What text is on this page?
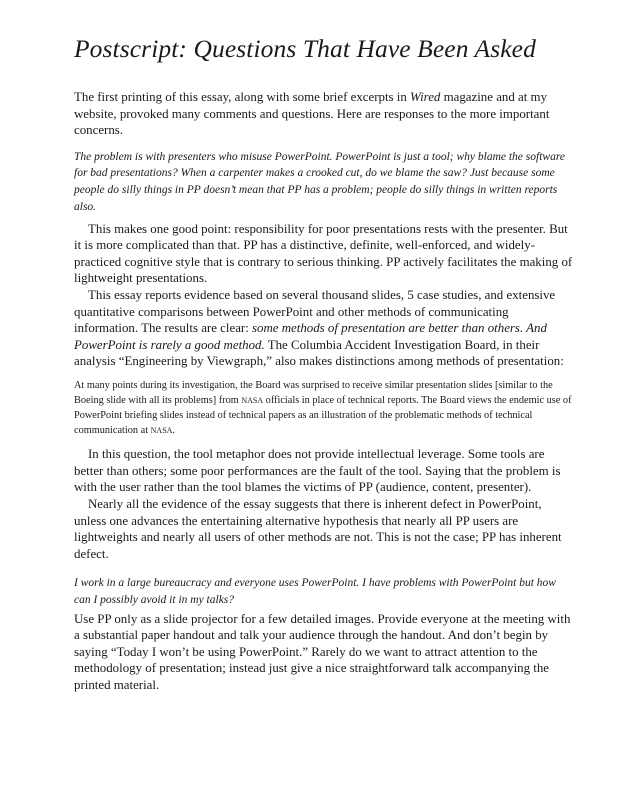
Postscript: Questions That Have Been Asked

The first printing of this essay, along with some brief excerpts in Wired magazine and at my website, provoked many comments and questions. Here are responses to the more important concerns.

The problem is with presenters who misuse PowerPoint. PowerPoint is just a tool; why blame the software for bad presentations? When a carpenter makes a crooked cut, do we blame the saw? Just because some people do silly things in PP doesn’t mean that PP has a problem; people do silly things in written reports also.

This makes one good point: responsibility for poor presentations rests with the presenter. But it is more complicated than that. PP has a distinctive, definite, well-enforced, and widely-practiced cognitive style that is contrary to serious thinking. PP actively facilitates the making of lightweight presentations.

This essay reports evidence based on several thousand slides, 5 case studies, and extensive quantitative comparisons between PowerPoint and other methods of communicating information. The results are clear: some methods of presentation are better than others. And PowerPoint is rarely a good method. The Columbia Accident Investigation Board, in their analysis “Engineering by Viewgraph,” also makes distinctions among methods of presentation:

At many points during its investigation, the Board was surprised to receive similar presentation slides [similar to the Boeing slide with all its problems] from nasa officials in place of technical reports. The Board views the endemic use of PowerPoint briefing slides instead of technical papers as an illustration of the problematic methods of technical communication at nasa.

In this question, the tool metaphor does not provide intellectual leverage. Some tools are better than others; some poor performances are the fault of the tool. Saying that the problem is with the user rather than the tool blames the victims of PP (audience, content, presenter).

Nearly all the evidence of the essay suggests that there is inherent defect in PowerPoint, unless one advances the entertaining alternative hypothesis that nearly all PP users are lightweights and nearly all users of other methods are not. This is not the case; PP has inherent defect.

I work in a large bureaucracy and everyone uses PowerPoint. I have problems with PowerPoint but how can I possibly avoid it in my talks?

Use PP only as a slide projector for a few detailed images. Provide everyone at the meeting with a substantial paper handout and talk your audience through the handout. And don’t begin by saying “Today I won’t be using PowerPoint.” Rarely do we want to attract attention to the methodology of presentation; instead just give a nice straightforward talk accompanying the printed material.
